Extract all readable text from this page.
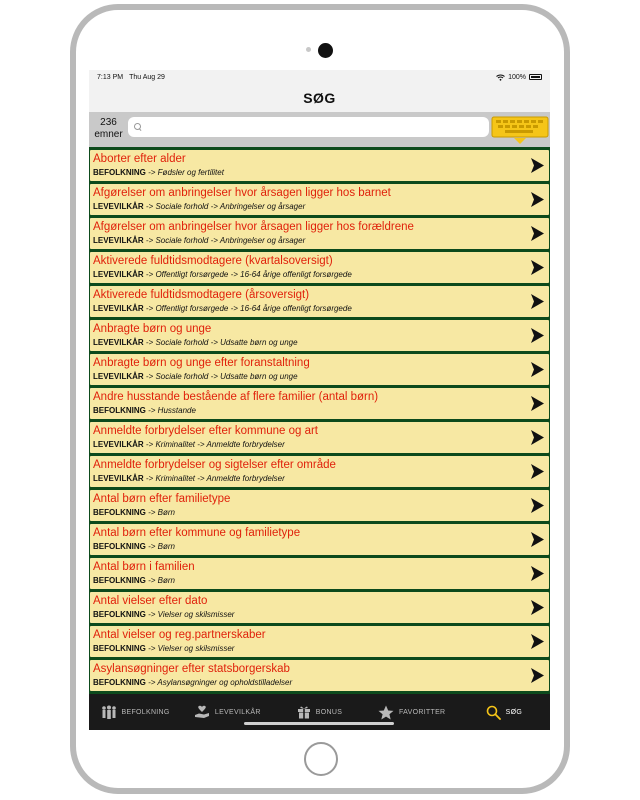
7:13 PM Thu Aug 29	100%
SØG
236
emner
Aborter efter alder
BEFOLKNING -> Fødsler og fertilitet
Afgørelser om anbringelser hvor årsagen ligger hos barnet
LEVEVILKÅR -> Sociale forhold -> Anbringelser og årsager
Afgørelser om anbringelser hvor årsagen ligger hos forældrene
LEVEVILKÅR -> Sociale forhold -> Anbringelser og årsager
Aktiverede fuldtidsmodtagere (kvartalsoversigt)
LEVEVILKÅR -> Offentligt forsørgede -> 16-64 årige offenligt forsørgede
Aktiverede fuldtidsmodtagere (årsoversigt)
LEVEVILKÅR -> Offentligt forsørgede -> 16-64 årige offenligt forsørgede
Anbragte børn og unge
LEVEVILKÅR -> Sociale forhold -> Udsatte børn og unge
Anbragte børn og unge efter foranstaltning
LEVEVILKÅR -> Sociale forhold -> Udsatte børn og unge
Andre husstande bestående af flere familier (antal børn)
BEFOLKNING -> Husstande
Anmeldte forbrydelser efter kommune og art
LEVEVILKÅR -> Kriminalitet -> Anmeldte forbrydelser
Anmeldte forbrydelser og sigtelser efter område
LEVEVILKÅR -> Kriminalitet -> Anmeldte forbrydelser
Antal børn efter familietype
BEFOLKNING -> Børn
Antal børn efter kommune og familietype
BEFOLKNING -> Børn
Antal børn i familien
BEFOLKNING -> Børn
Antal vielser efter dato
BEFOLKNING -> Vielser og skilsmisser
Antal vielser og reg.partnerskaber
BEFOLKNING -> Vielser og skilsmisser
Asylansøgninger efter statsborgerskab
BEFOLKNING -> Asylansøgninger og opholdstilladelser
BEFOLKNING	LEVEVILKÅR	BONUS	FAVORITTER	SØG
